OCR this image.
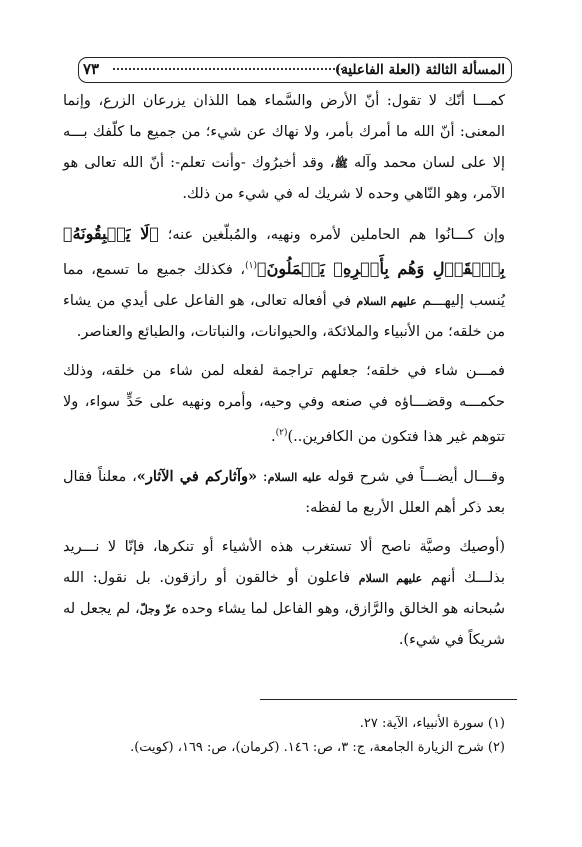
المسألة الثالثة (العلة الفاعلية)
٧٣

كمـــا أنّك لا تقول: أنّ الأرض والسَّماء هما اللذان يزرعان الزرع، وإنما المعنى: أنّ الله ما أمرك بأمر، ولا نهاك عن شيء؛ من جميع ما كلّفك بـــه إلا على لسان محمد وآله ﷺ، وقد أخبرُوك -وأنت تعلم-: أنّ الله تعالى هو الآمر، وهو النّاهي وحده لا شريك له في شيء من ذلك.

وإن كـــانُوا هم الحاملين لأمره ونهيه، والمُبلّغين عنه؛ ﴿لَا يَسۡبِقُونَهُۥ بِٱلۡقَوۡلِ وَهُم بِأَمۡرِهِۦ يَعۡمَلُونَ﴾$^{(١)}$، فكذلك جميع ما تسمع، مما يُنسب إليهـــم عليهم السلام في أفعاله تعالى، هو الفاعل على أيدي من يشاء من خلقه؛ من الأنبياء والملائكة، والحيوانات، والنباتات، والطبائع والعناصر.

فمـــن شاء في خلقه؛ جعلهم تراجمة لفعله لمن شاء من خلقه، وذلك حكمـــه وقضـــاؤه في صنعه وفي وحيه، وأمره ونهيه على حَدٍّ سواء، ولا تتوهم غير هذا فتكون من الكافرين..)$^{(٢)}$.

وقـــال أيضـــاً في شرح قوله عليه السلام: «وآثاركم في الآثار»، معلناً فقال بعد ذكر أهم العلل الأربع ما لفظه:

(أوصيك وصيَّة ناصح ألا تستغرب هذه الأشياء أو تنكرها، فإنّا لا نـــريد بذلـــك أنهم عليهم السلام فاعلون أو خالقون أو رازقون. بل نقول: الله سُبحانه هو الخالق والرَّازق، وهو الفاعل لما يشاء وحده عزّ وجلّ، لم يجعل له شريكاً في شيء).

(١) سورة الأنبياء، الآية: ٢٧.

(٢) شرح الزيارة الجامعة، ج: ٣، ص: ١٤٦. (كرمان)، ص: ١٦٩، (كويت).
